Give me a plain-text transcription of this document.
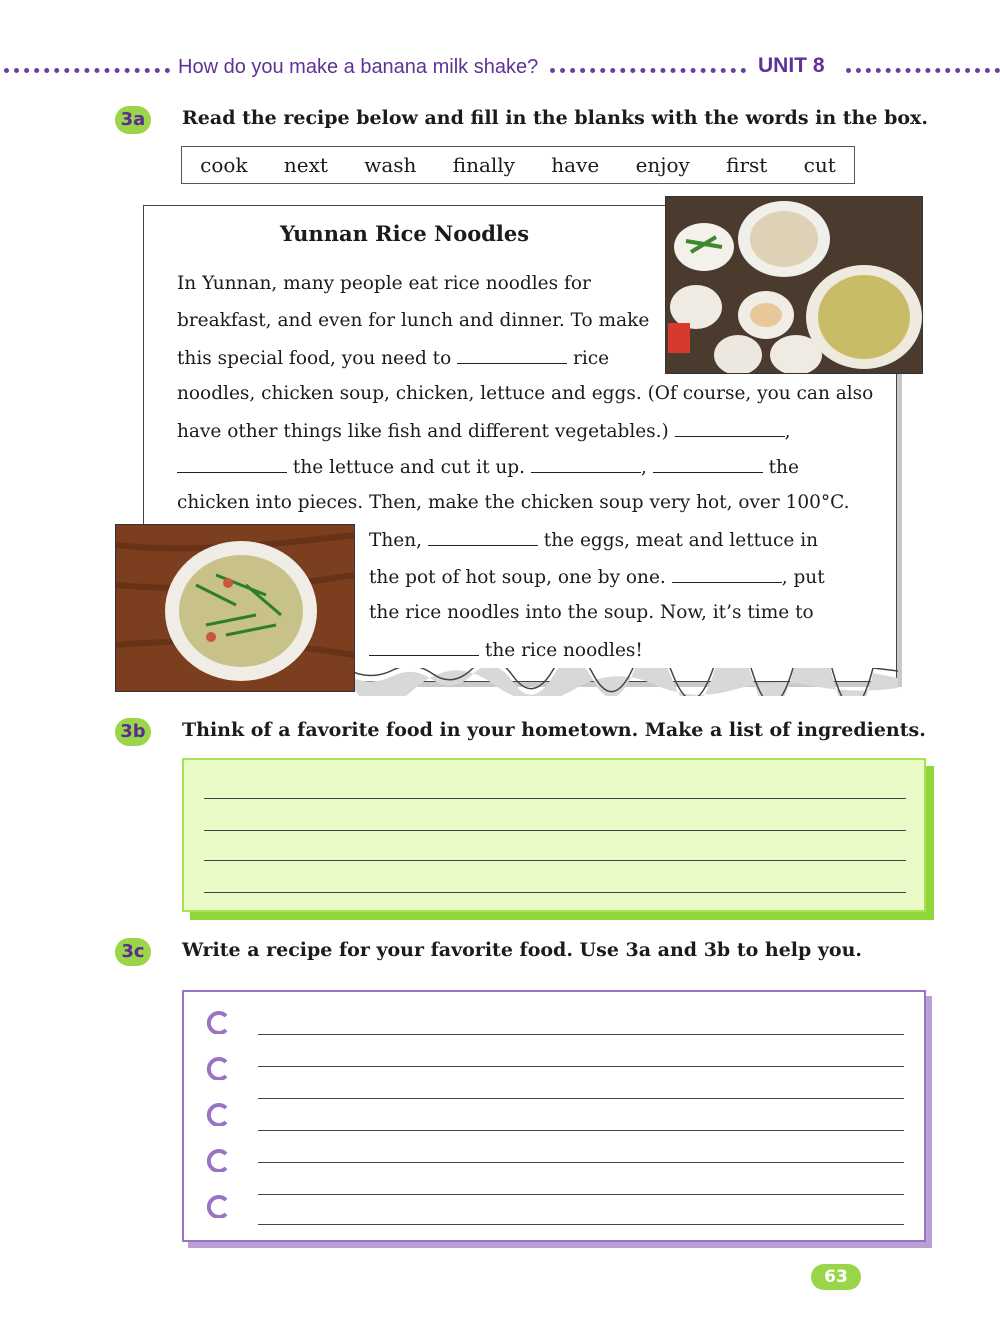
How do you make a banana milk shake?	UNIT 8
3a Read the recipe below and fill in the blanks with the words in the box.
cook next wash finally have enjoy first cut
Yunnan Rice Noodles
In Yunnan, many people eat rice noodles for
breakfast, and even for lunch and dinner. To make
this special food, you need to	rice
noodles, chicken soup, chicken, lettuce and eggs. (Of course, you can also
have other things like fish and different vegetables.)	,
the lettuce and cut it up.	,	the
chicken into pieces. Then, make the chicken soup very hot, over 100°C.
Then,	the eggs, meat and lettuce in
the pot of hot soup, one by one.	, put
the rice noodles into the soup. Now, it’s time to
the rice noodles!
3b Think of a favorite food in your hometown. Make a list of ingredients.
3c	Write a recipe for your favorite food. Use 3a and 3b to help you.
63
